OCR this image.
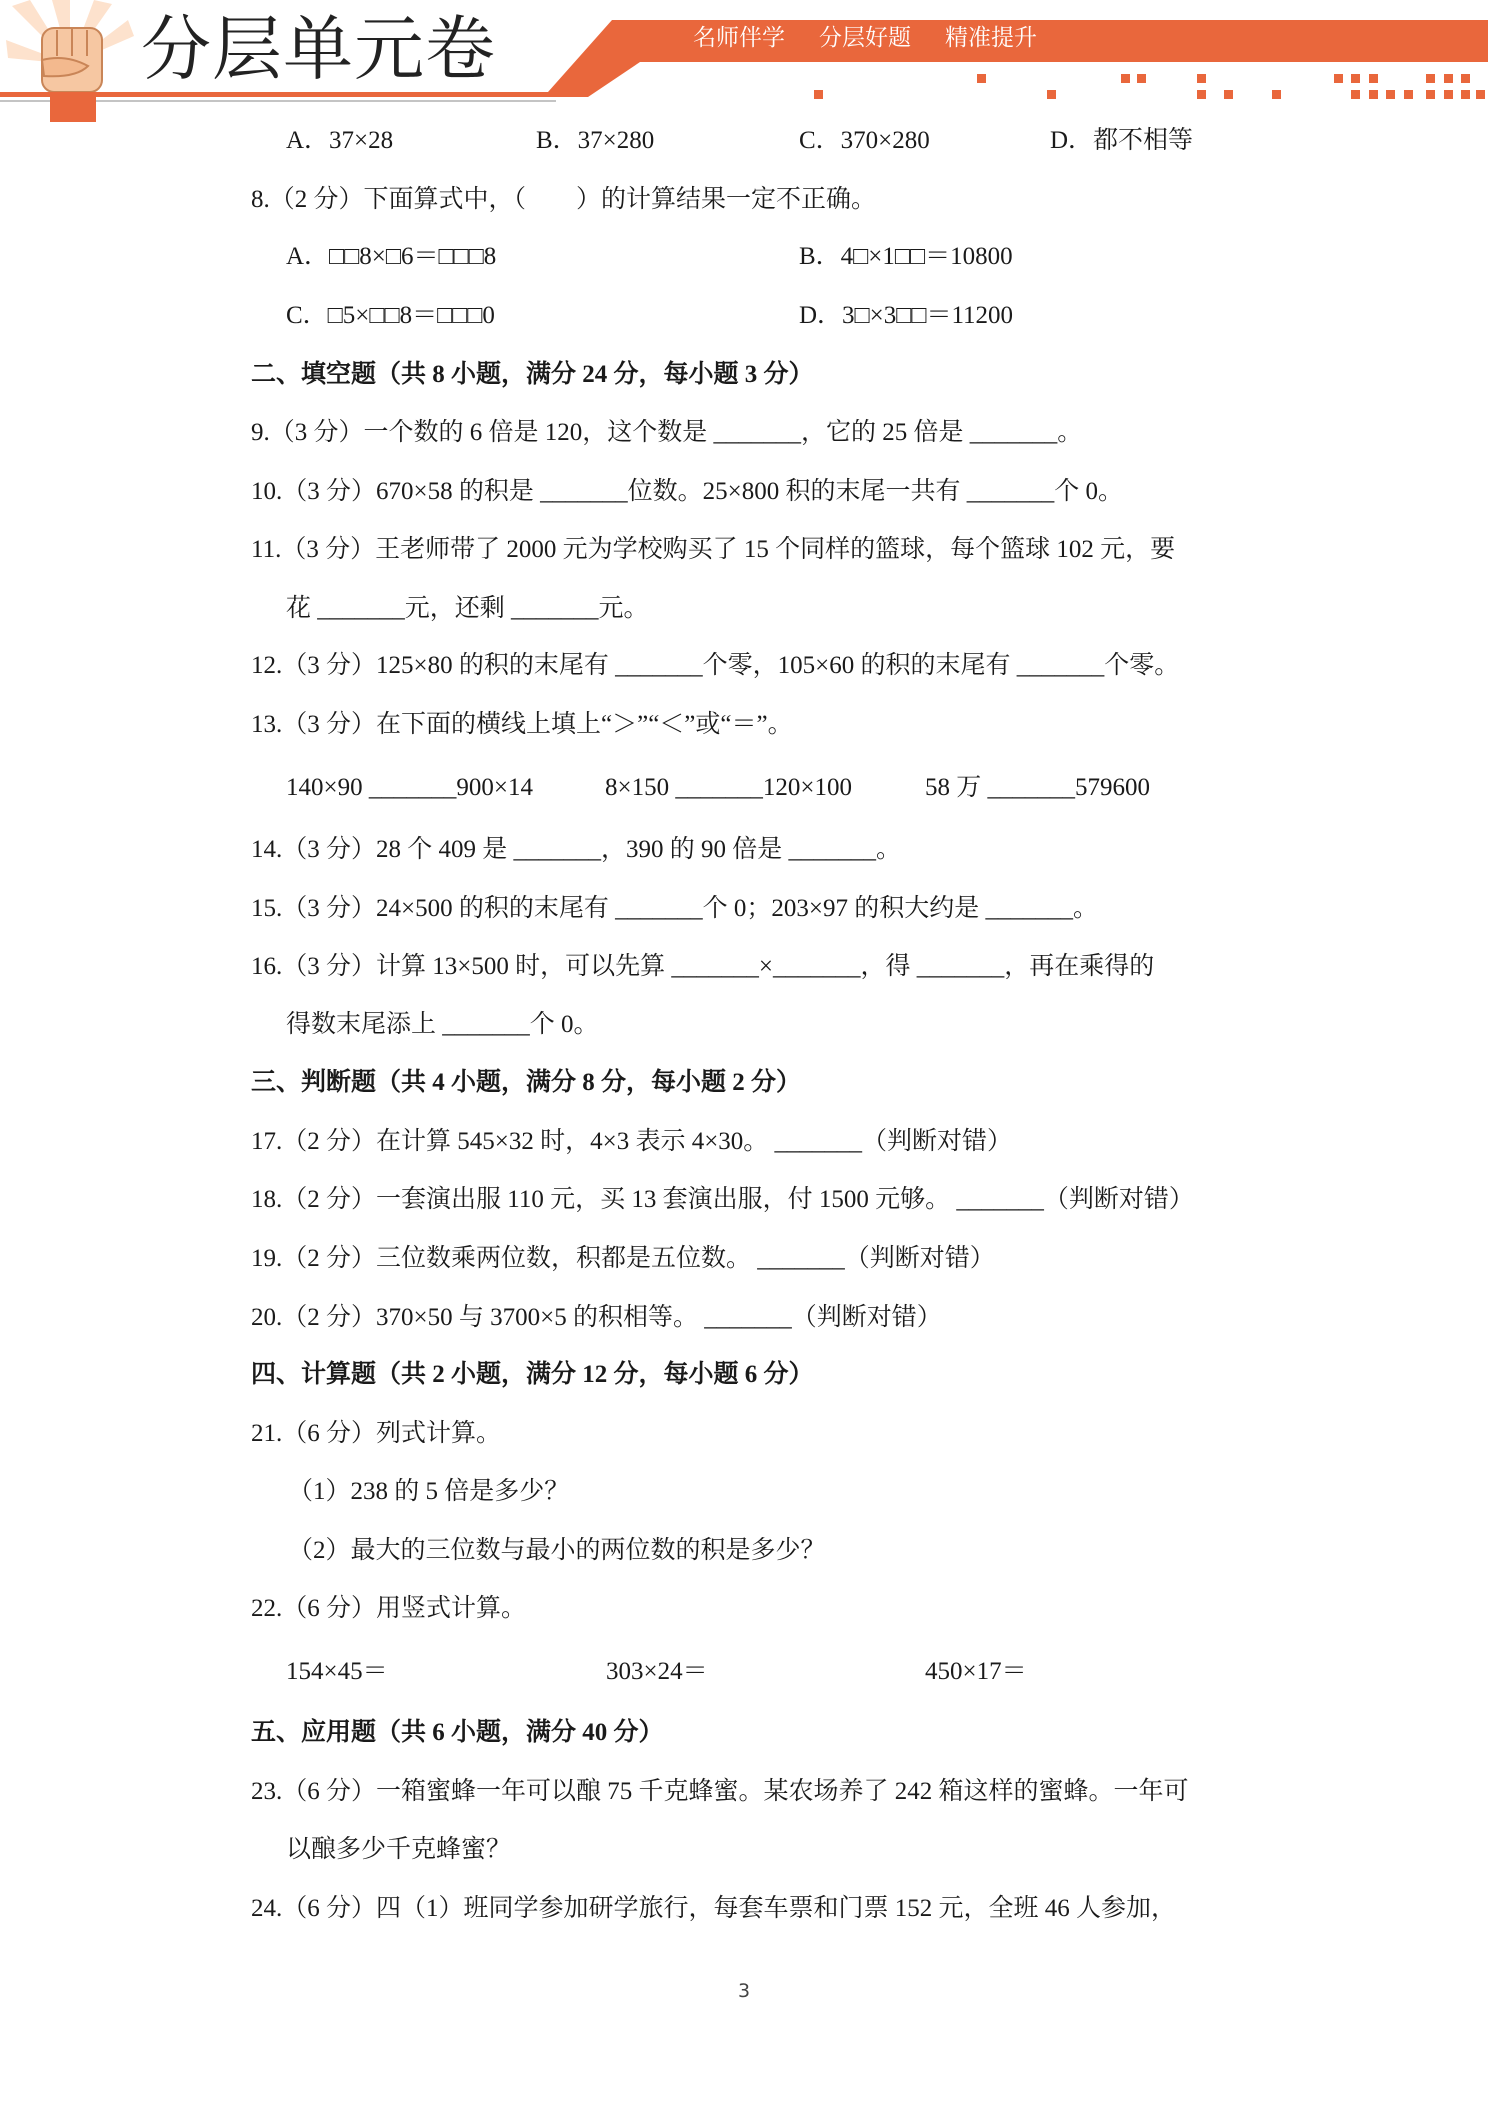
分层单元卷	名师伴学 分层好题 精准提升
A．37×28	B．37×280	C．370×280	D．都不相等
8.（2 分）下面算式中，（　　）的计算结果一定不正确。
A．□□8×□6＝□□□8	B．4□×1□□＝10800
C．□5×□□8＝□□□0	D．3□×3□□＝11200
二、填空题（共 8 小题，满分 24 分，每小题 3 分）
9.（3 分）一个数的 6 倍是 120，这个数是 _______，它的 25 倍是 _______。
10.（3 分）670×58 的积是 _______位数。25×800 积的末尾一共有 _______个 0。
11.（3 分）王老师带了 2000 元为学校购买了 15 个同样的篮球，每个篮球 102 元，要
花 _______元，还剩 _______元。
12.（3 分）125×80 的积的末尾有 _______个零，105×60 的积的末尾有 _______个零。
13.（3 分）在下面的横线上填上“＞”“＜”或“＝”。
140×90 _______900×14	8×150 _______120×100	58 万 _______579600
14.（3 分）28 个 409 是 _______，390 的 90 倍是 _______。
15.（3 分）24×500 的积的末尾有 _______个 0；203×97 的积大约是 _______。
16.（3 分）计算 13×500 时，可以先算 _______×_______，得 _______，再在乘得的
得数末尾添上 _______个 0。
三、判断题（共 4 小题，满分 8 分，每小题 2 分）
17.（2 分）在计算 545×32 时，4×3 表示 4×30。 _______（判断对错）
18.（2 分）一套演出服 110 元，买 13 套演出服，付 1500 元够。 _______（判断对错）
19.（2 分）三位数乘两位数，积都是五位数。 _______（判断对错）
20.（2 分）370×50 与 3700×5 的积相等。 _______（判断对错）
四、计算题（共 2 小题，满分 12 分，每小题 6 分）
21.（6 分）列式计算。
（1）238 的 5 倍是多少？
（2）最大的三位数与最小的两位数的积是多少？
22.（6 分）用竖式计算。
154×45＝	303×24＝	450×17＝
五、应用题（共 6 小题，满分 40 分）
23.（6 分）一箱蜜蜂一年可以酿 75 千克蜂蜜。某农场养了 242 箱这样的蜜蜂。一年可
以酿多少千克蜂蜜？
24.（6 分）四（1）班同学参加研学旅行，每套车票和门票 152 元，全班 46 人参加，
3
